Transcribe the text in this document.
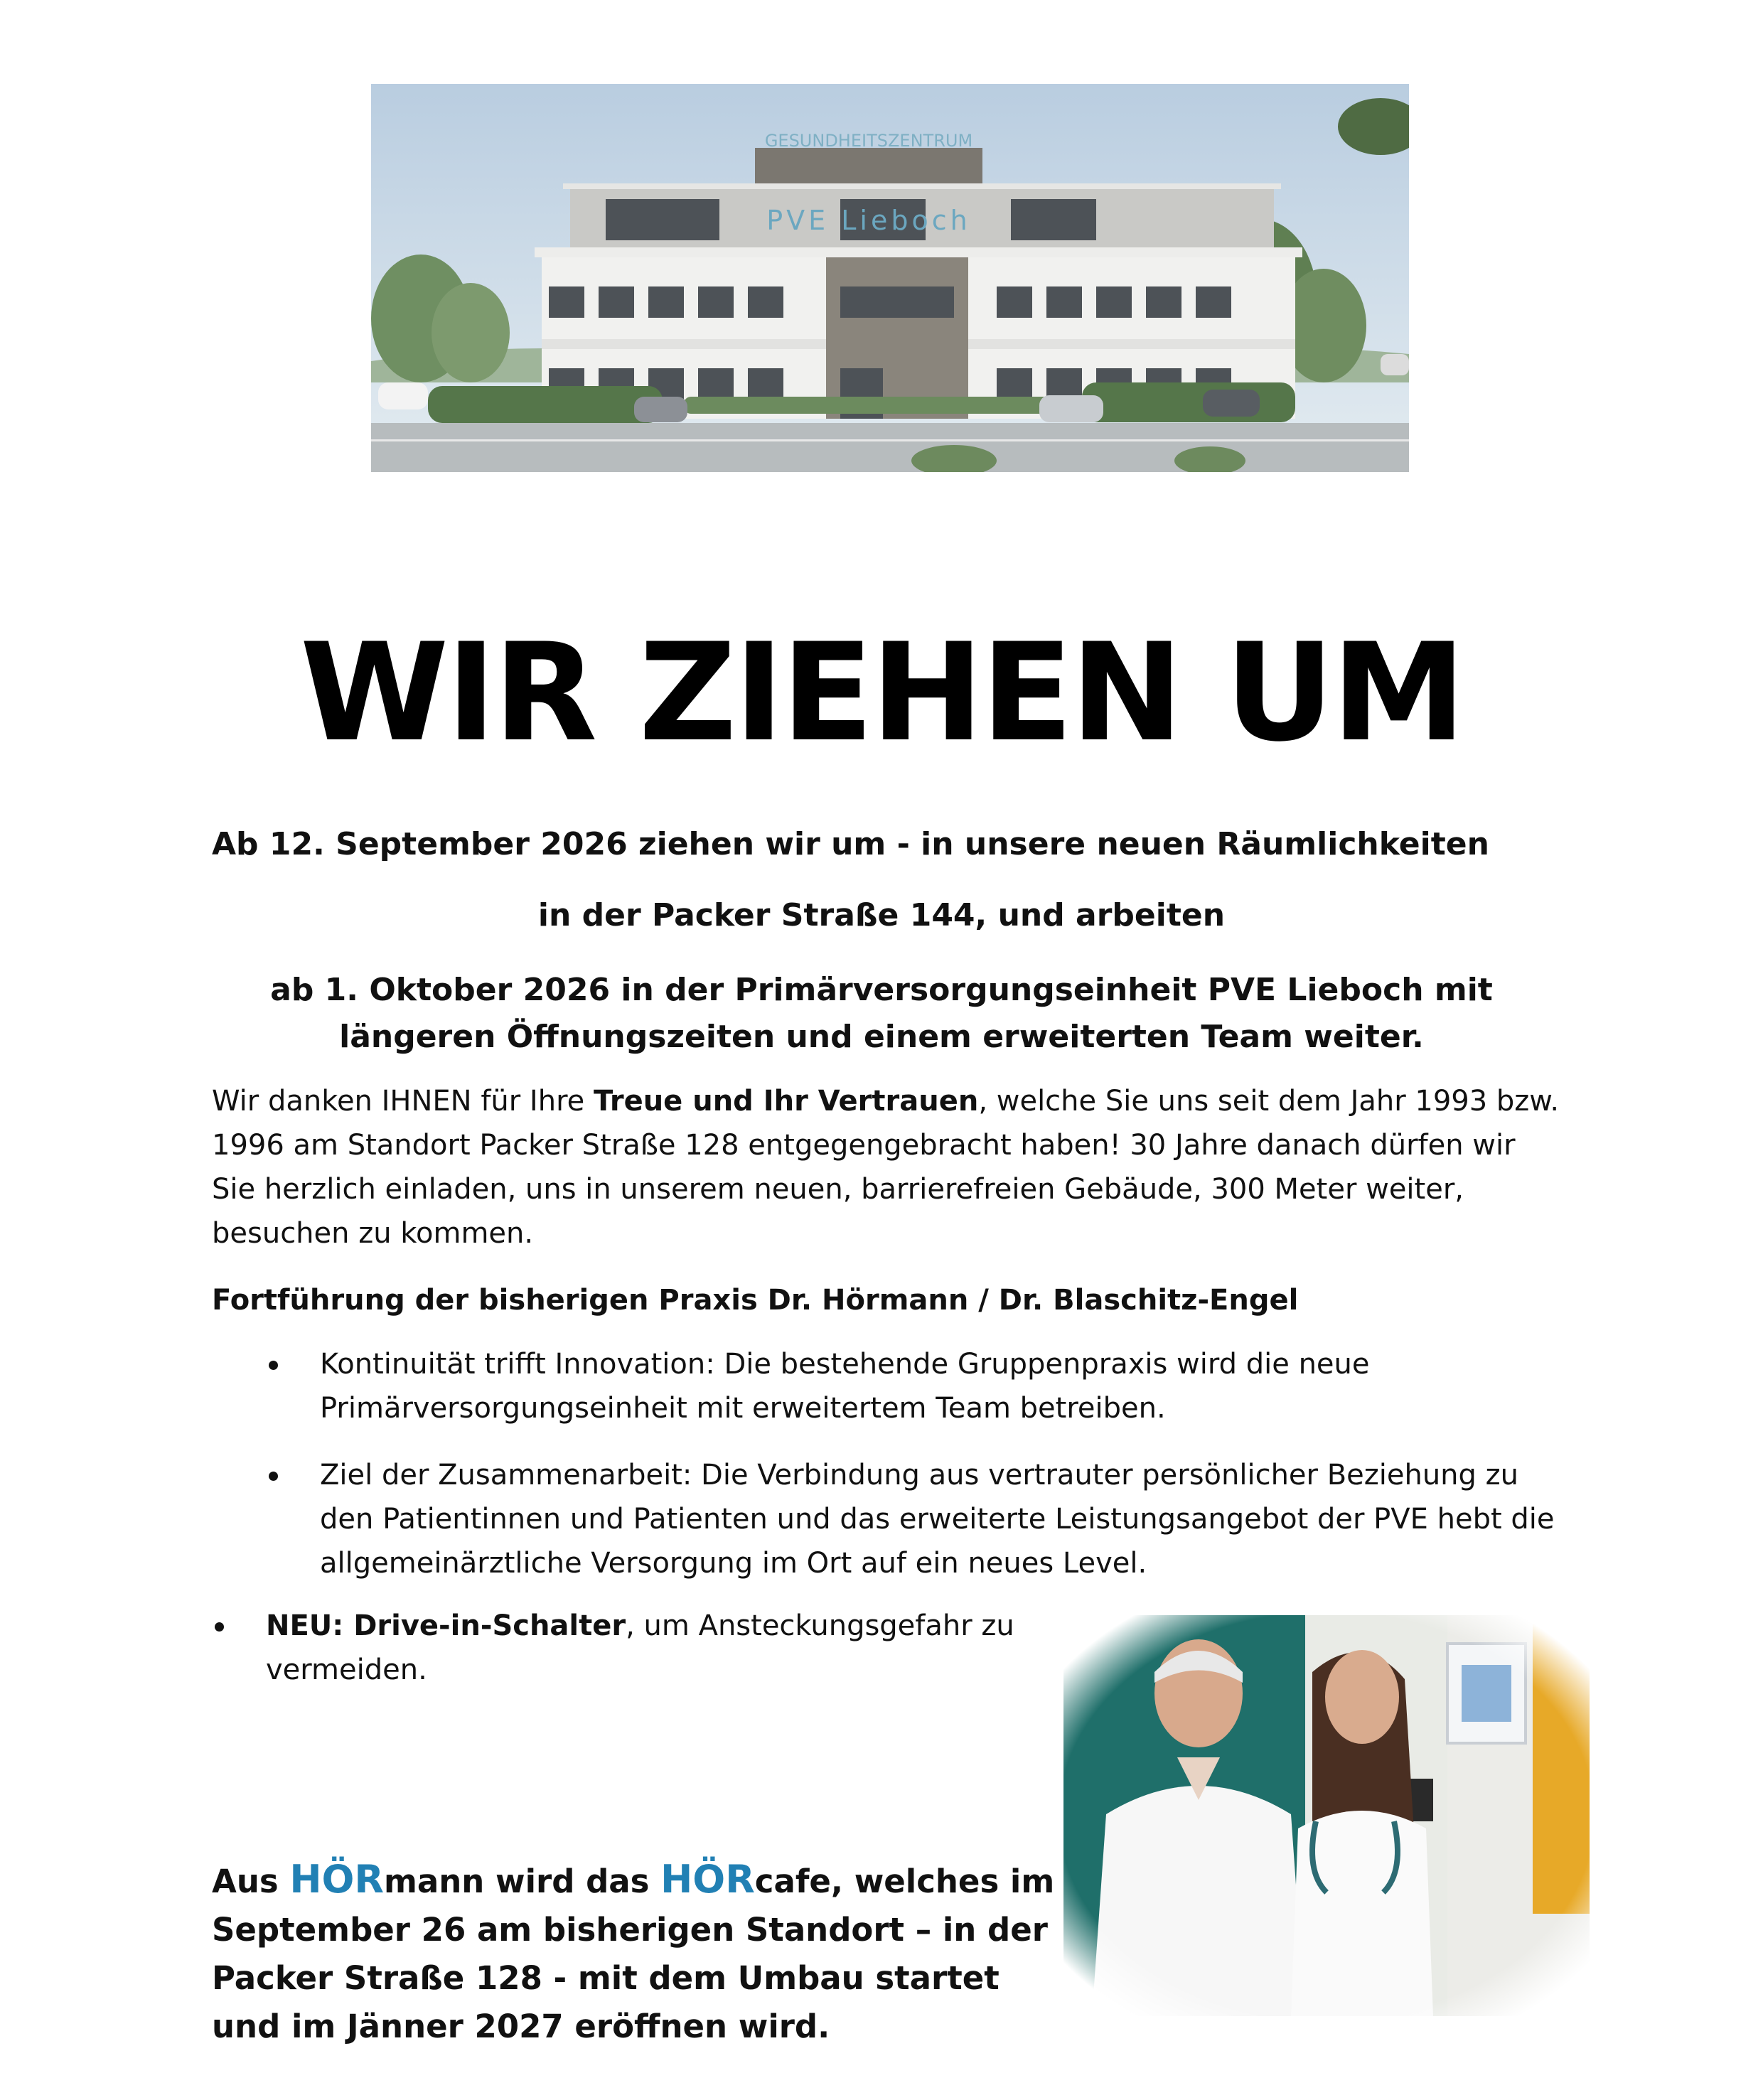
GESUNDHEITSZENTRUM
PVE Lieboch
WIR ZIEHEN UM
Ab 12. September 2026 ziehen wir um - in unsere neuen Räumlichkeiten
in der Packer Straße 144, und arbeiten
ab 1. Oktober 2026 in der Primärversorgungseinheit PVE Lieboch mit längeren Öffnungszeiten und einem erweiterten Team weiter.
Wir danken IHNEN für Ihre Treue und Ihr Vertrauen, welche Sie uns seit dem Jahr 1993 bzw. 1996 am Standort Packer Straße 128 entgegengebracht haben! 30 Jahre danach dürfen wir Sie herzlich einladen, uns in unserem neuen, barrierefreien Gebäude, 300 Meter weiter, besuchen zu kommen.
Fortführung der bisherigen Praxis Dr. Hörmann / Dr. Blaschitz-Engel
Kontinuität trifft Innovation: Die bestehende Gruppenpraxis wird die neue Primärversorgungseinheit mit erweitertem Team betreiben.
Ziel der Zusammenarbeit: Die Verbindung aus vertrauter persönlicher Beziehung zu den Patientinnen und Patienten und das erweiterte Leistungsangebot der PVE hebt die allgemeinärztliche Versorgung im Ort auf ein neues Level.
NEU: Drive-in-Schalter, um Ansteckungsgefahr zu vermeiden.
Aus HÖRmann wird das HÖRcafe, welches im September 26 am bisherigen Standort – in der Packer Straße 128 - mit dem Umbau startet und im Jänner 2027 eröffnen wird.
